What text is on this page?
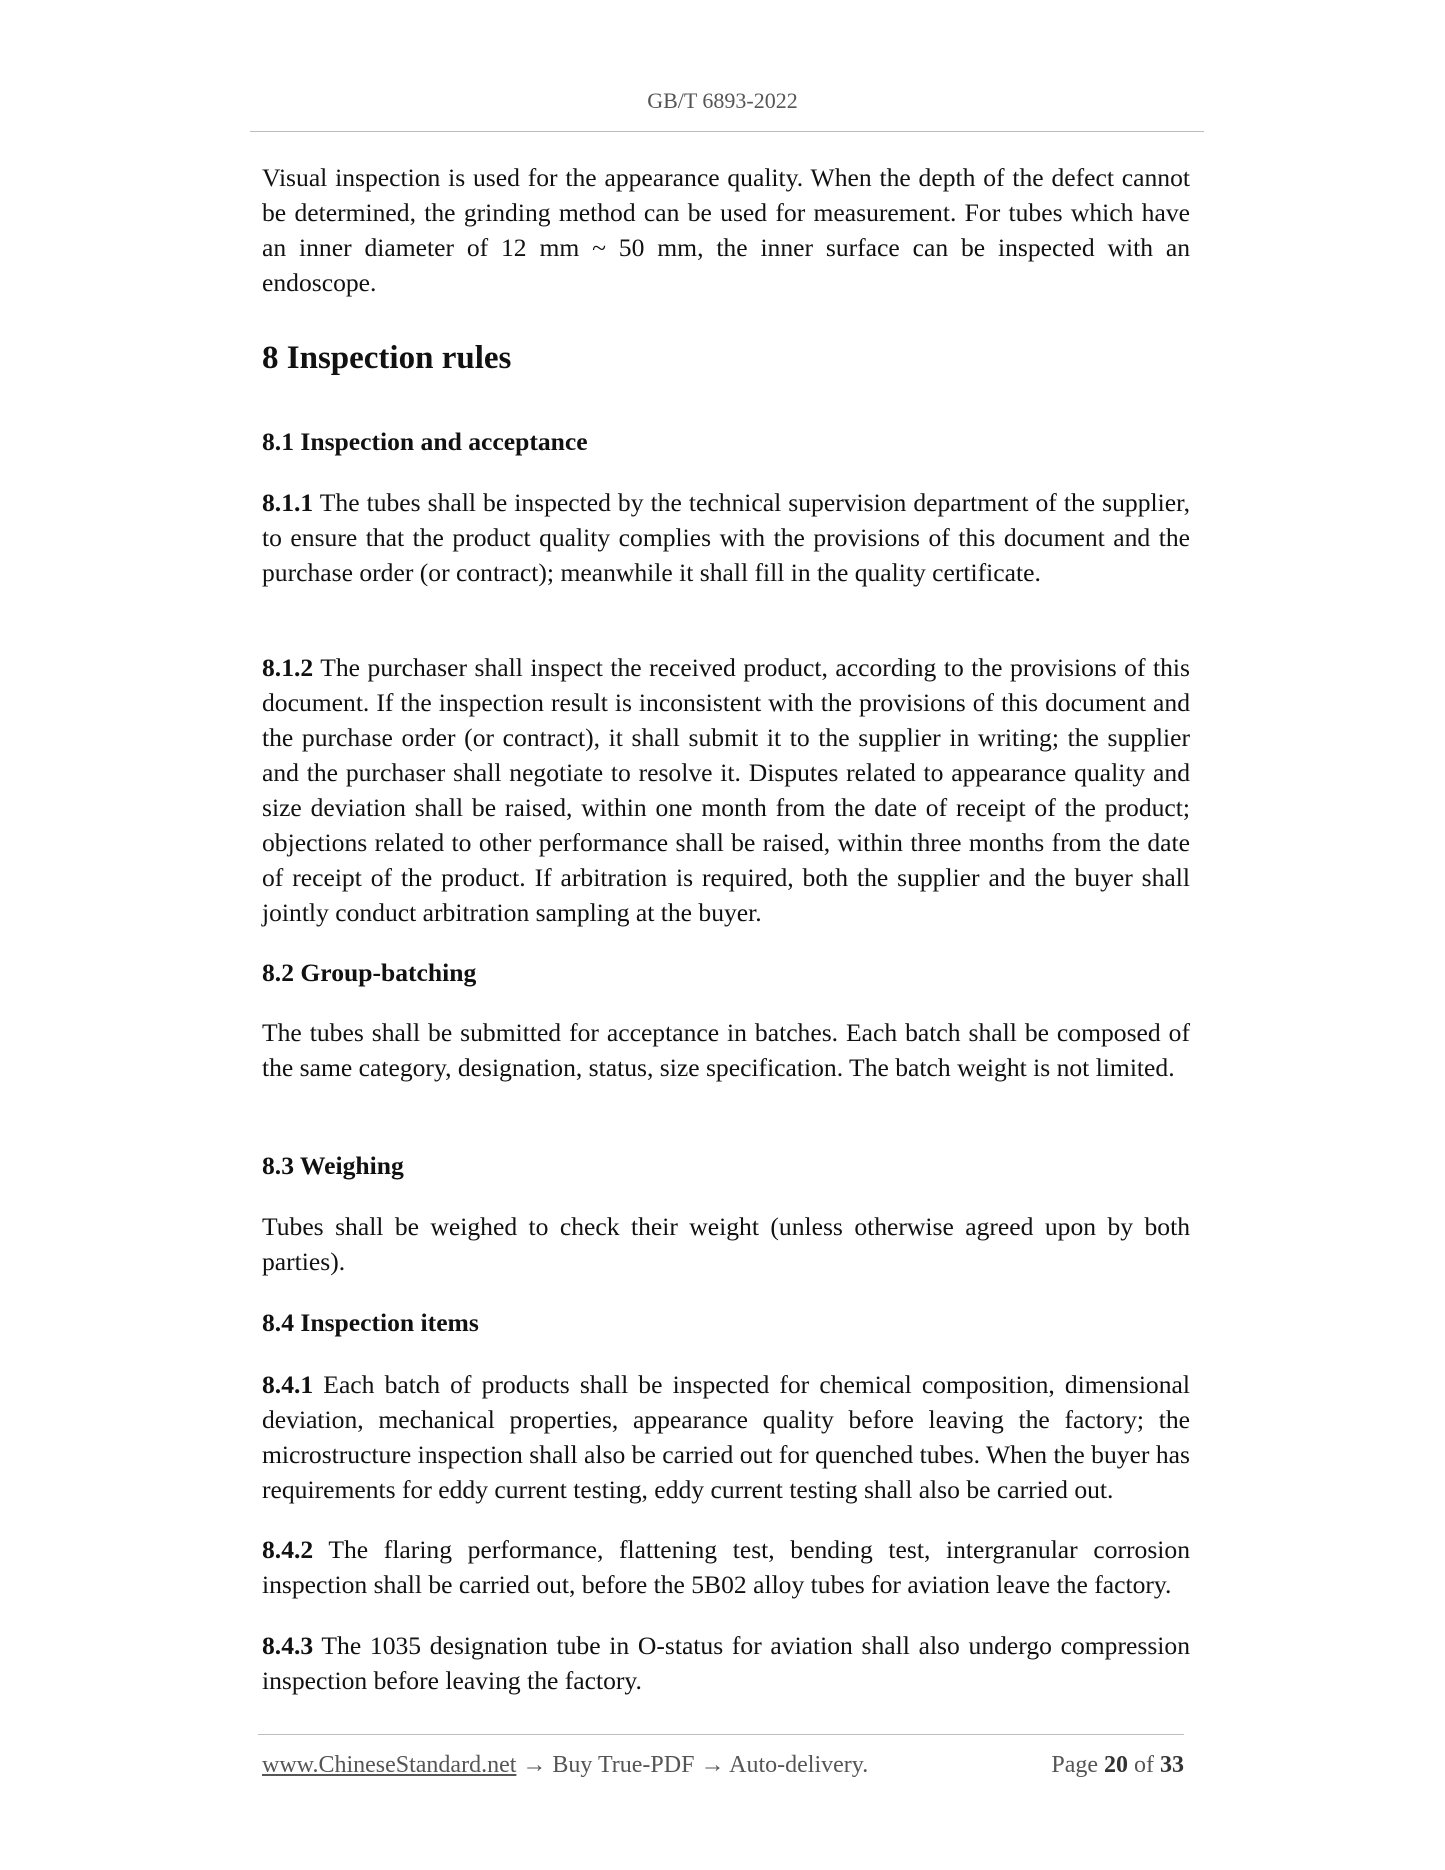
GB/T 6893-2022

Visual inspection is used for the appearance quality. When the depth of the defect cannot be determined, the grinding method can be used for measurement. For tubes which have an inner diameter of 12 mm ~ 50 mm, the inner surface can be inspected with an endoscope.

8 Inspection rules
8.1 Inspection and acceptance

8.1.1 The tubes shall be inspected by the technical supervision department of the supplier, to ensure that the product quality complies with the provisions of this document and the purchase order (or contract); meanwhile it shall fill in the quality certificate.

8.1.2 The purchaser shall inspect the received product, according to the provisions of this document. If the inspection result is inconsistent with the provisions of this document and the purchase order (or contract), it shall submit it to the supplier in writing; the supplier and the purchaser shall negotiate to resolve it. Disputes related to appearance quality and size deviation shall be raised, within one month from the date of receipt of the product; objections related to other performance shall be raised, within three months from the date of receipt of the product. If arbitration is required, both the supplier and the buyer shall jointly conduct arbitration sampling at the buyer.

8.2 Group-batching

The tubes shall be submitted for acceptance in batches. Each batch shall be composed of the same category, designation, status, size specification. The batch weight is not limited.

8.3 Weighing

Tubes shall be weighed to check their weight (unless otherwise agreed upon by both parties).

8.4 Inspection items

8.4.1 Each batch of products shall be inspected for chemical composition, dimensional deviation, mechanical properties, appearance quality before leaving the factory; the microstructure inspection shall also be carried out for quenched tubes. When the buyer has requirements for eddy current testing, eddy current testing shall also be carried out.

8.4.2 The flaring performance, flattening test, bending test, intergranular corrosion inspection shall be carried out, before the 5B02 alloy tubes for aviation leave the factory.

8.4.3 The 1035 designation tube in O-status for aviation shall also undergo compression inspection before leaving the factory.

www.ChineseStandard.net → Buy True-PDF → Auto-delivery.	Page 20 of 33
